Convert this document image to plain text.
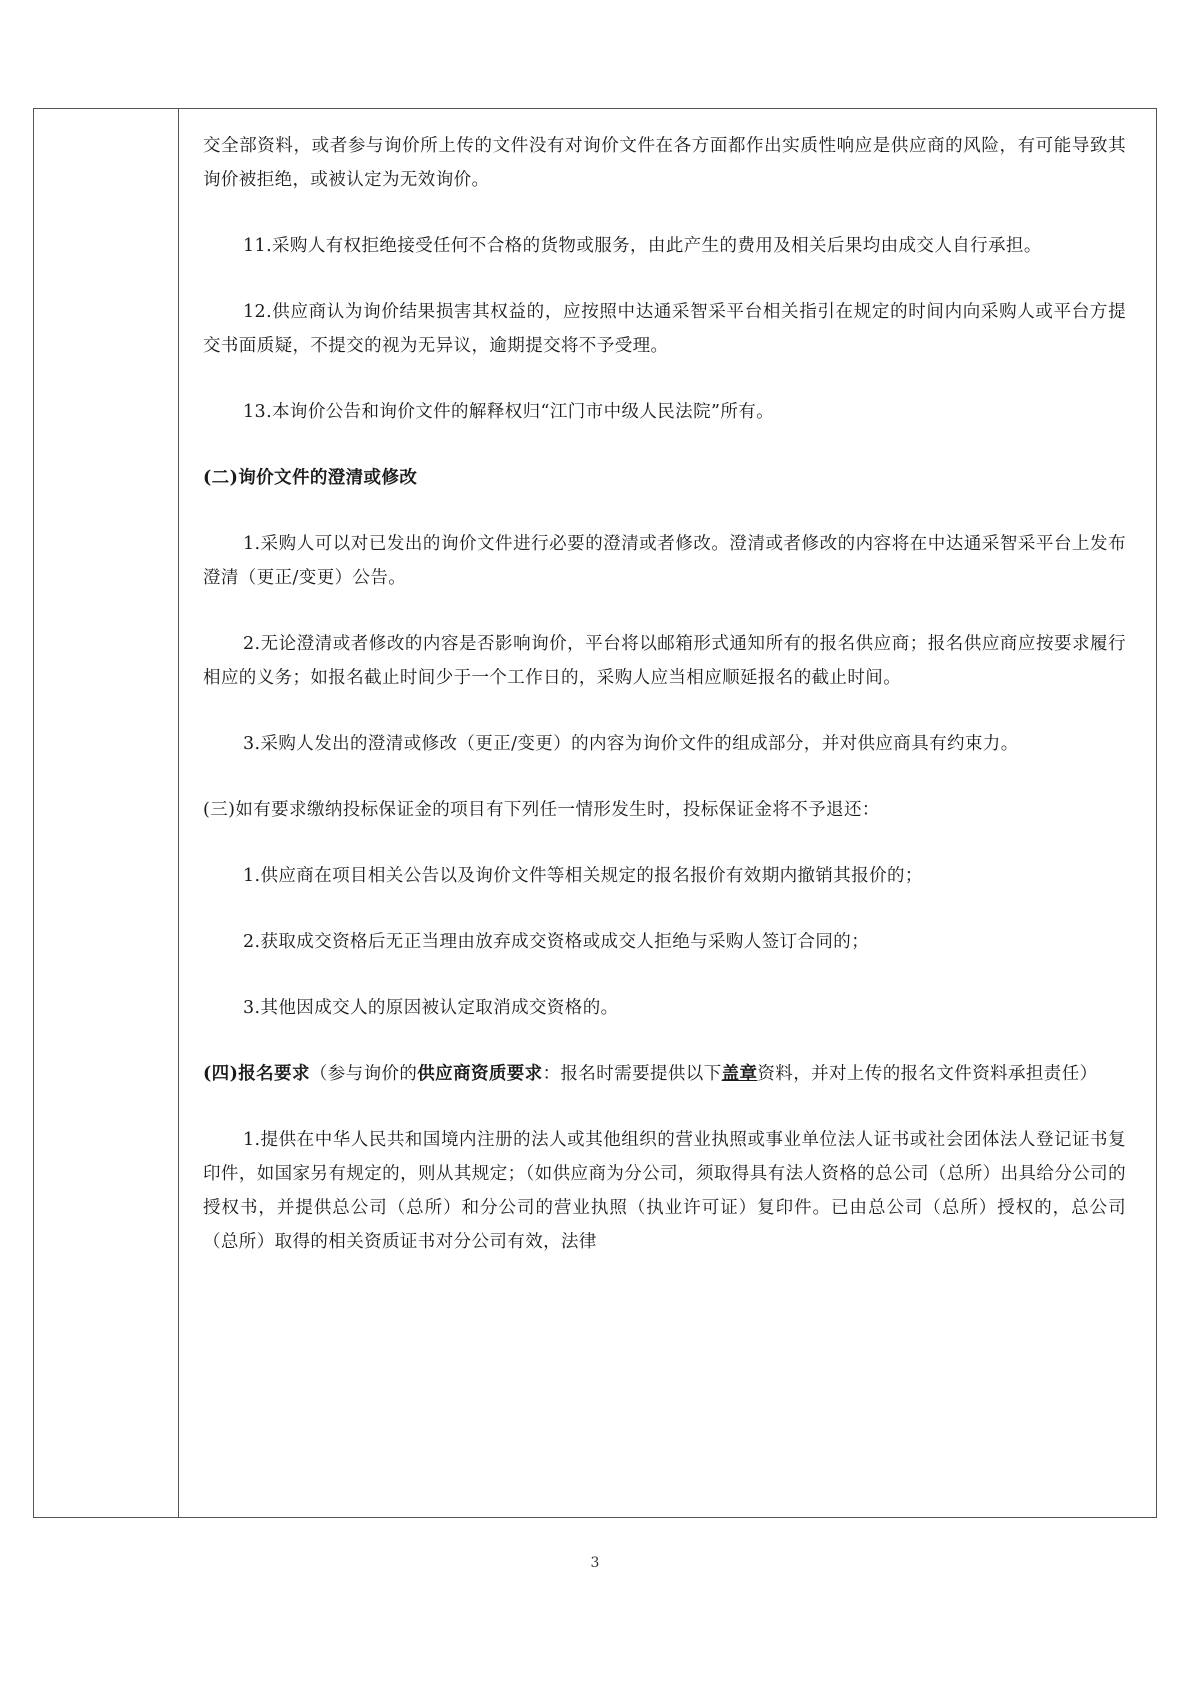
交全部资料，或者参与询价所上传的文件没有对询价文件在各方面都作出实质性响应是供应商的风险，有可能导致其询价被拒绝，或被认定为无效询价。

11.采购人有权拒绝接受任何不合格的货物或服务，由此产生的费用及相关后果均由成交人自行承担。

12.供应商认为询价结果损害其权益的，应按照中达通采智采平台相关指引在规定的时间内向采购人或平台方提交书面质疑，不提交的视为无异议，逾期提交将不予受理。

13.本询价公告和询价文件的解释权归“江门市中级人民法院”所有。

(二)询价文件的澄清或修改

1.采购人可以对已发出的询价文件进行必要的澄清或者修改。澄清或者修改的内容将在中达通采智采平台上发布澄清（更正/变更）公告。

2.无论澄清或者修改的内容是否影响询价，平台将以邮箱形式通知所有的报名供应商；报名供应商应按要求履行相应的义务；如报名截止时间少于一个工作日的，采购人应当相应顺延报名的截止时间。

3.采购人发出的澄清或修改（更正/变更）的内容为询价文件的组成部分，并对供应商具有约束力。

(三)如有要求缴纳投标保证金的项目有下列任一情形发生时，投标保证金将不予退还：

1.供应商在项目相关公告以及询价文件等相关规定的报名报价有效期内撤销其报价的；

2.获取成交资格后无正当理由放弃成交资格或成交人拒绝与采购人签订合同的；

3.其他因成交人的原因被认定取消成交资格的。

(四)报名要求（参与询价的供应商资质要求：报名时需要提供以下盖章资料，并对上传的报名文件资料承担责任）

1.提供在中华人民共和国境内注册的法人或其他组织的营业执照或事业单位法人证书或社会团体法人登记证书复印件，如国家另有规定的，则从其规定；（如供应商为分公司，须取得具有法人资格的总公司（总所）出具给分公司的授权书，并提供总公司（总所）和分公司的营业执照（执业许可证）复印件。已由总公司（总所）授权的，总公司（总所）取得的相关资质证书对分公司有效，法律

3
